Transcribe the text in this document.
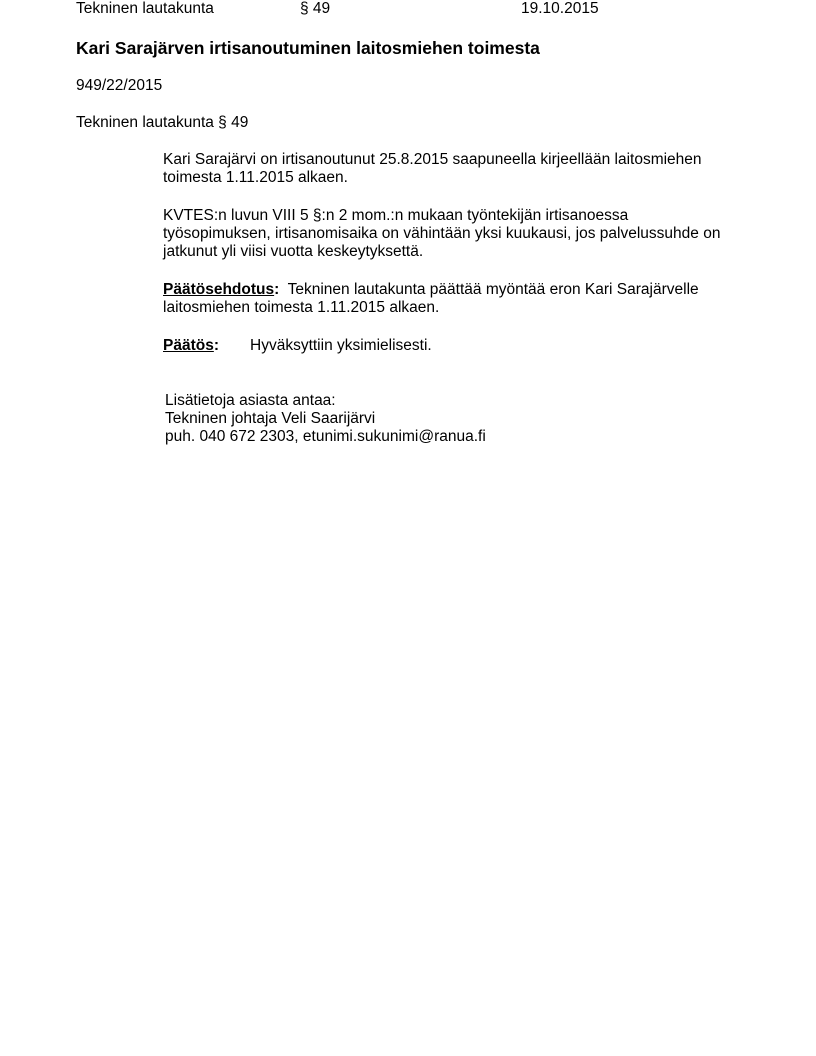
Tekninen lautakunta	§ 49	19.10.2015
Kari Sarajärven irtisanoutuminen laitosmiehen toimesta
949/22/2015
Tekninen lautakunta § 49
Kari Sarajärvi on irtisanoutunut 25.8.2015 saapuneella kirjeellään laitosmiehen
toimesta 1.11.2015 alkaen.
KVTES:n luvun VIII 5 §:n 2 mom.:n mukaan työntekijän irtisanoessa
työsopimuksen, irtisanomisaika on vähintään yksi kuukausi, jos palvelussuhde on
jatkunut yli viisi vuotta keskeytyksettä.
Päätösehdotus: Tekninen lautakunta päättää myöntää eron Kari Sarajärvelle
laitosmiehen toimesta 1.11.2015 alkaen.
Päätös: Hyväksyttiin yksimielisesti.
Lisätietoja asiasta antaa:
Tekninen johtaja Veli Saarijärvi
puh. 040 672 2303, etunimi.sukunimi@ranua.fi
